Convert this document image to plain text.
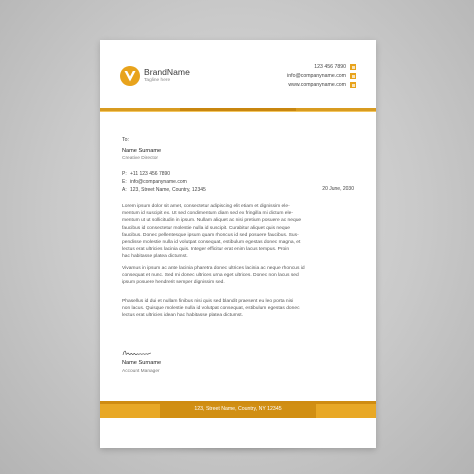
BrandName
Tagline here
123 456 7890
info@companyname.com
www.companyname.com
To:
Name Surname
Creative Director
P: +11 123 456 7890
E: info@companyname.com
A: 123, Street Name, Country, 12345	20 June, 2030
Lorem ipsum dolor sit amet, consectetur adipiscing elit etiam et dignissim ele-
mentum id suscipit ex. Ut sed condimentum diam sed ex fringilla mi dictum ele-
mentum ut ut sollicitudin in ipsum. Nullam aliquet ac nisi pretium posuere ac neque
faucibus id consectetur molestie nulla id suscipit. Curabitur aliquet quis neque
faucibus. Donec pellentesque ipsum quam rhoncus id sed posuere faucibus. Sus-
pendisse molestie nulla id volutpat consequat, estibulum egestas donec magna, et
lectus erat ultricies lacinia quis. Integer efficitur erat enim lacus tempus. Proin
hac habitasse platea dictumst.
Vivamus in ipsum ac ante lacinia pharetra donec ultrices lacinia ac neque rhoncus id
consequat et nunc. Sed mi donec ultrices urna eget ultrices. Donec non lacus sed
ipsum posuere hendrerit semper dignissim sed.
Phasellus id dui et nullam finibus nisi quis sed blandit praesent eu leo porta nisi
non lacus. Quisque molestie nulla id volutpat consequat, estibulum egestas donec
lectus erat ultricies idean hac habitasse platea dictumst.
Name Surname
Account Manager
123, Street Name, Country, NY 12345
